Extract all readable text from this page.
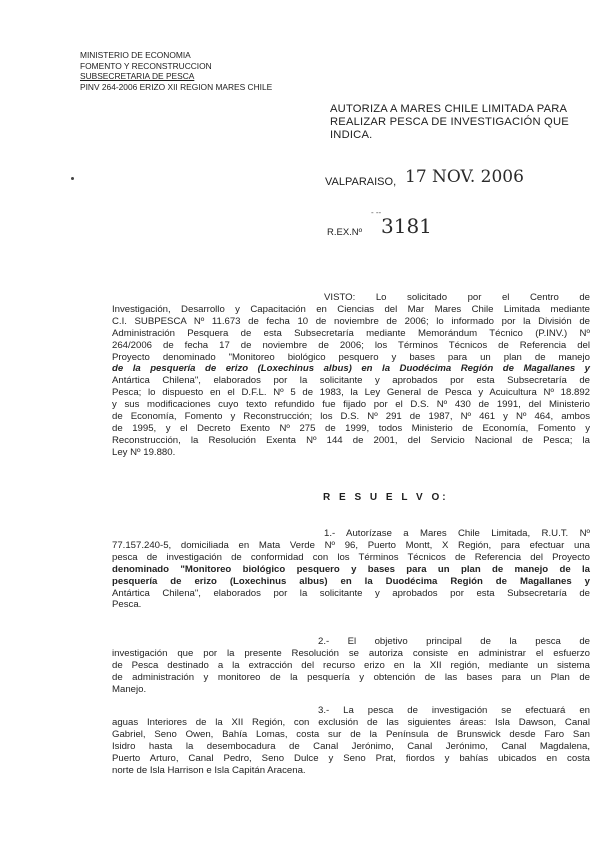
MINISTERIO DE ECONOMIA
FOMENTO Y RECONSTRUCCION
SUBSECRETARIA DE PESCA
PINV 264-2006 ERIZO XII REGION MARES CHILE
AUTORIZA A MARES CHILE LIMITADA PARA REALIZAR PESCA DE INVESTIGACIÓN QUE INDICA.
VALPARAISO, 17 NOV. 2006
- --
R.EX.Nº 3181
VISTO: Lo solicitado por el Centro de
Investigación, Desarrollo y Capacitación en Ciencias del Mar Mares Chile Limitada mediante
C.I. SUBPESCA Nº 11.673 de fecha 10 de noviembre de 2006; lo informado por la División de
Administración Pesquera de esta Subsecretaría mediante Memorándum Técnico (P.INV.) Nº
264/2006 de fecha 17 de noviembre de 2006; los Términos Técnicos de Referencia del
Proyecto denominado "Monitoreo biológico pesquero y bases para un plan de manejo
de la pesquería de erizo (Loxechinus albus) en la Duodécima Región de Magallanes y
Antártica Chilena", elaborados por la solicitante y aprobados por esta Subsecretaría de
Pesca; lo dispuesto en el D.F.L. Nº 5 de 1983, la Ley General de Pesca y Acuicultura Nº 18.892
y sus modificaciones cuyo texto refundido fue fijado por el D.S. Nº 430 de 1991, del Ministerio
de Economía, Fomento y Reconstrucción; los D.S. Nº 291 de 1987, Nº 461 y Nº 464, ambos
de 1995, y el Decreto Exento Nº 275 de 1999, todos Ministerio de Economía, Fomento y
Reconstrucción, la Resolución Exenta Nº 144 de 2001, del Servicio Nacional de Pesca; la
Ley Nº 19.880.
R E S U E L V O:
1.- Autorízase a Mares Chile Limitada, R.U.T. Nº
77.157.240-5, domiciliada en Mata Verde Nº 96, Puerto Montt, X Región, para efectuar una
pesca de investigación de conformidad con los Términos Técnicos de Referencia del Proyecto
denominado "Monitoreo biológico pesquero y bases para un plan de manejo de la
pesquería de erizo (Loxechinus albus) en la Duodécima Región de Magallanes y
Antártica Chilena", elaborados por la solicitante y aprobados por esta Subsecretaría de
Pesca.
2.- El objetivo principal de la pesca de
investigación que por la presente Resolución se autoriza consiste en administrar el esfuerzo
de Pesca destinado a la extracción del recurso erizo en la XII región, mediante un sistema
de administración y monitoreo de la pesquería y obtención de las bases para un Plan de
Manejo.
3.- La pesca de investigación se efectuará en
aguas Interiores de la XII Región, con exclusión de las siguientes áreas: Isla Dawson, Canal
Gabriel, Seno Owen, Bahía Lomas, costa sur de la Península de Brunswick desde Faro San
Isidro hasta la desembocadura de Canal Jerónimo, Canal Jerónimo, Canal Magdalena,
Puerto Arturo, Canal Pedro, Seno Dulce y Seno Prat, fiordos y bahías ubicados en costa
norte de Isla Harrison e Isla Capitán Aracena.
